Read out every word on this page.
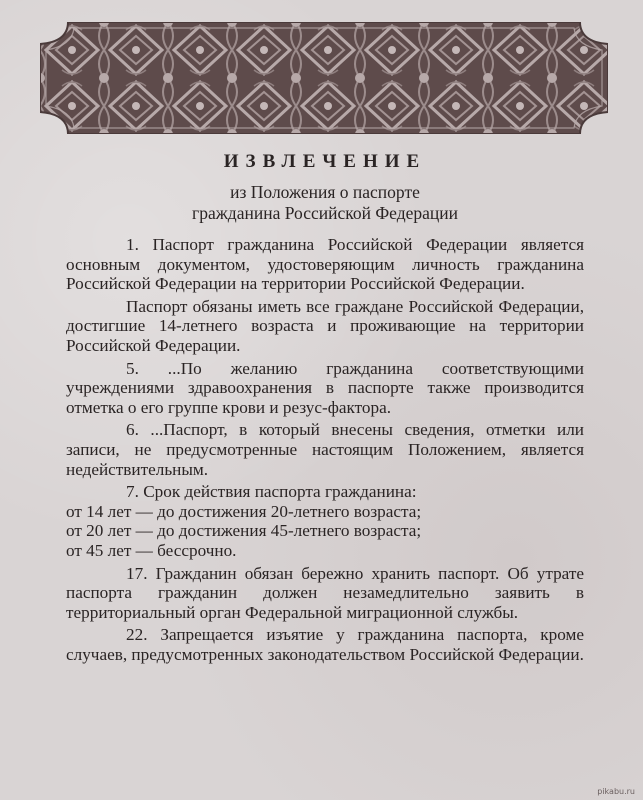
ИЗВЛЕЧЕНИЕ
из Положения о паспорте
гражданина Российской Федерации

1. Паспорт гражданина Российской Федерации является основным документом, удостоверяющим личность гражданина Российской Федерации на территории Российской Федерации.

Паспорт обязаны иметь все граждане Российской Федерации, достигшие 14-летнего возраста и проживающие на территории Российской Федерации.

5. ...По желанию гражданина соответствующими учреждениями здравоохранения в паспорте также производится отметка о его группе крови и резус-фактора.

6. ...Паспорт, в который внесены сведения, отметки или записи, не предусмотренные настоящим Положением, является недействительным.

7. Срок действия паспорта гражданина:

от 14 лет — до достижения 20-летнего возраста;

от 20 лет — до достижения 45-летнего возраста;

от 45 лет — бессрочно.

17. Гражданин обязан бережно хранить паспорт. Об утрате паспорта гражданин должен незамедлительно заявить в территориальный орган Федеральной миграционной службы.

22. Запрещается изъятие у гражданина паспорта, кроме случаев, предусмотренных законодательством Российской Федерации.

pikabu.ru
